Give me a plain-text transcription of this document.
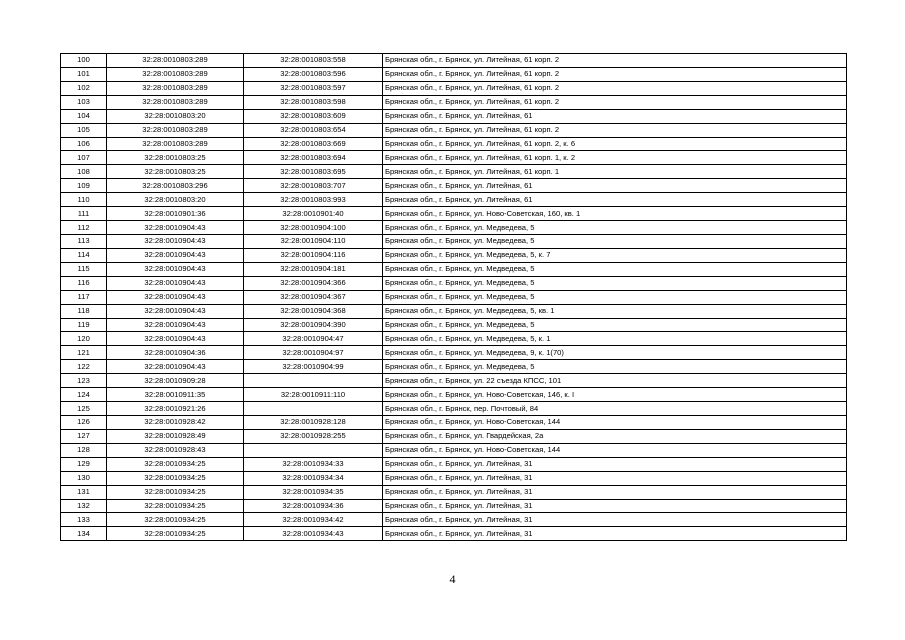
100	32:28:0010803:289	32:28:0010803:558	Брянская обл., г. Брянск, ул. Литейная, 61 корп. 2
101	32:28:0010803:289	32:28:0010803:596	Брянская обл., г. Брянск, ул. Литейная, 61 корп. 2
102	32:28:0010803:289	32:28:0010803:597	Брянская обл., г. Брянск, ул. Литейная, 61 корп. 2
103	32:28:0010803:289	32:28:0010803:598	Брянская обл., г. Брянск, ул. Литейная, 61 корп. 2
104	32:28:0010803:20	32:28:0010803:609	Брянская обл., г. Брянск, ул. Литейная, 61
105	32:28:0010803:289	32:28:0010803:654	Брянская обл., г. Брянск, ул. Литейная, 61 корп. 2
106	32:28:0010803:289	32:28:0010803:669	Брянская обл., г. Брянск, ул. Литейная, 61 корп. 2, к. 6
107	32:28:0010803:25	32:28:0010803:694	Брянская обл., г. Брянск, ул. Литейная, 61 корп. 1, к. 2
108	32:28:0010803:25	32:28:0010803:695	Брянская обл., г. Брянск, ул. Литейная, 61 корп. 1
109	32:28:0010803:296	32:28:0010803:707	Брянская обл., г. Брянск, ул. Литейная, 61
110	32:28:0010803:20	32:28:0010803:993	Брянская обл., г. Брянск, ул. Литейная, 61
111	32:28:0010901:36	32:28:0010901:40	Брянская обл., г. Брянск, ул. Ново-Советская, 160, кв. 1
112	32:28:0010904:43	32:28:0010904:100	Брянская обл., г. Брянск, ул. Медведева, 5
113	32:28:0010904:43	32:28:0010904:110	Брянская обл., г. Брянск, ул. Медведева, 5
114	32:28:0010904:43	32:28:0010904:116	Брянская обл., г. Брянск, ул. Медведева, 5, к. 7
115	32:28:0010904:43	32:28:0010904:181	Брянская обл., г. Брянск, ул. Медведева, 5
116	32:28:0010904:43	32:28:0010904:366	Брянская обл., г. Брянск, ул. Медведева, 5
117	32:28:0010904:43	32:28:0010904:367	Брянская обл., г. Брянск, ул. Медведева, 5
118	32:28:0010904:43	32:28:0010904:368	Брянская обл., г. Брянск, ул. Медведева, 5, кв. 1
119	32:28:0010904:43	32:28:0010904:390	Брянская обл., г. Брянск, ул. Медведева, 5
120	32:28:0010904:43	32:28:0010904:47	Брянская обл., г. Брянск, ул. Медведева, 5, к. 1
121	32:28:0010904:36	32:28:0010904:97	Брянская обл., г. Брянск, ул. Медведева, 9, к. 1(70)
122	32:28:0010904:43	32:28:0010904:99	Брянская обл., г. Брянск, ул. Медведева, 5
123	32:28:0010909:28		Брянская обл., г. Брянск, ул. 22 съезда КПСС, 101
124	32:28:0010911:35	32:28:0010911:110	Брянская обл., г. Брянск, ул. Ново-Советская, 146, к. I
125	32:28:0010921:26		Брянская обл., г. Брянск, пер. Почтовый, 84
126	32:28:0010928:42	32:28:0010928:128	Брянская обл., г. Брянск, ул. Ново-Советская, 144
127	32:28:0010928:49	32:28:0010928:255	Брянская обл., г. Брянск, ул. Гвардейская, 2а
128	32:28:0010928:43		Брянская обл., г. Брянск, ул. Ново-Советская, 144
129	32:28:0010934:25	32:28:0010934:33	Брянская обл., г. Брянск, ул. Литейная, 31
130	32:28:0010934:25	32:28:0010934:34	Брянская обл., г. Брянск, ул. Литейная, 31
131	32:28:0010934:25	32:28:0010934:35	Брянская обл., г. Брянск, ул. Литейная, 31
132	32:28:0010934:25	32:28:0010934:36	Брянская обл., г. Брянск, ул. Литейная, 31
133	32:28:0010934:25	32:28:0010934:42	Брянская обл., г. Брянск, ул. Литейная, 31
134	32:28:0010934:25	32:28:0010934:43	Брянская обл., г. Брянск, ул. Литейная, 31
4
